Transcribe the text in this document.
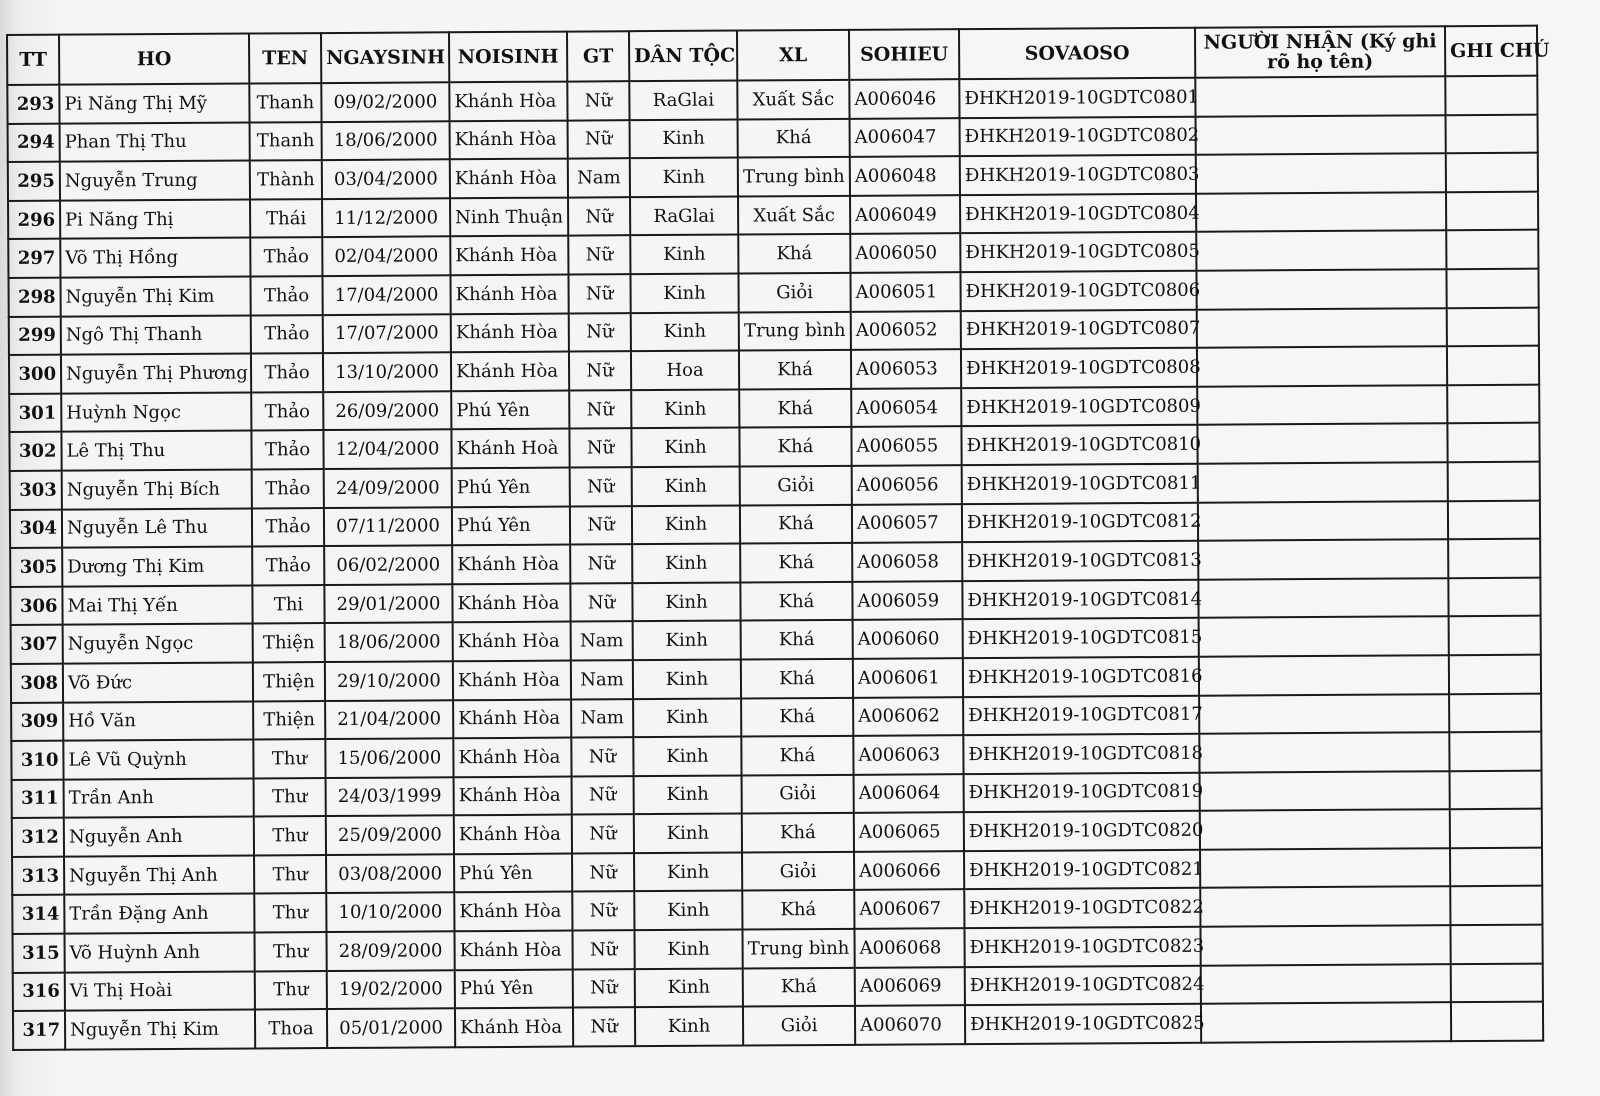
TT	HO	TEN	NGAYSINH	NOISINH	GT	DÂN TỘC	XL	SOHIEU	SOVAOSO	NGƯỜI NHẬN (Ký ghi
rõ họ tên)	GHI CHÚ
293	Pi Năng Thị Mỹ	Thanh	09/02/2000	Khánh Hòa	Nữ	RaGlai	Xuất Sắc	A006046	ĐHKH2019-10GDTC0801		
294	Phan Thị Thu	Thanh	18/06/2000	Khánh Hòa	Nữ	Kinh	Khá	A006047	ĐHKH2019-10GDTC0802		
295	Nguyễn Trung	Thành	03/04/2000	Khánh Hòa	Nam	Kinh	Trung bình	A006048	ĐHKH2019-10GDTC0803		
296	Pi Năng Thị	Thái	11/12/2000	Ninh Thuận	Nữ	RaGlai	Xuất Sắc	A006049	ĐHKH2019-10GDTC0804		
297	Võ Thị Hồng	Thảo	02/04/2000	Khánh Hòa	Nữ	Kinh	Khá	A006050	ĐHKH2019-10GDTC0805		
298	Nguyễn Thị Kim	Thảo	17/04/2000	Khánh Hòa	Nữ	Kinh	Giỏi	A006051	ĐHKH2019-10GDTC0806		
299	Ngô Thị Thanh	Thảo	17/07/2000	Khánh Hòa	Nữ	Kinh	Trung bình	A006052	ĐHKH2019-10GDTC0807		
300	Nguyễn Thị Phương	Thảo	13/10/2000	Khánh Hòa	Nữ	Hoa	Khá	A006053	ĐHKH2019-10GDTC0808		
301	Huỳnh Ngọc	Thảo	26/09/2000	Phú Yên	Nữ	Kinh	Khá	A006054	ĐHKH2019-10GDTC0809		
302	Lê Thị Thu	Thảo	12/04/2000	Khánh Hoà	Nữ	Kinh	Khá	A006055	ĐHKH2019-10GDTC0810		
303	Nguyễn Thị Bích	Thảo	24/09/2000	Phú Yên	Nữ	Kinh	Giỏi	A006056	ĐHKH2019-10GDTC0811		
304	Nguyễn Lê Thu	Thảo	07/11/2000	Phú Yên	Nữ	Kinh	Khá	A006057	ĐHKH2019-10GDTC0812		
305	Dương Thị Kim	Thảo	06/02/2000	Khánh Hòa	Nữ	Kinh	Khá	A006058	ĐHKH2019-10GDTC0813		
306	Mai Thị Yến	Thi	29/01/2000	Khánh Hòa	Nữ	Kinh	Khá	A006059	ĐHKH2019-10GDTC0814		
307	Nguyễn Ngọc	Thiện	18/06/2000	Khánh Hòa	Nam	Kinh	Khá	A006060	ĐHKH2019-10GDTC0815		
308	Võ Đức	Thiện	29/10/2000	Khánh Hòa	Nam	Kinh	Khá	A006061	ĐHKH2019-10GDTC0816		
309	Hồ Văn	Thiện	21/04/2000	Khánh Hòa	Nam	Kinh	Khá	A006062	ĐHKH2019-10GDTC0817		
310	Lê Vũ Quỳnh	Thư	15/06/2000	Khánh Hòa	Nữ	Kinh	Khá	A006063	ĐHKH2019-10GDTC0818		
311	Trần Anh	Thư	24/03/1999	Khánh Hòa	Nữ	Kinh	Giỏi	A006064	ĐHKH2019-10GDTC0819		
312	Nguyễn Anh	Thư	25/09/2000	Khánh Hòa	Nữ	Kinh	Khá	A006065	ĐHKH2019-10GDTC0820		
313	Nguyễn Thị Anh	Thư	03/08/2000	Phú Yên	Nữ	Kinh	Giỏi	A006066	ĐHKH2019-10GDTC0821		
314	Trần Đặng Anh	Thư	10/10/2000	Khánh Hòa	Nữ	Kinh	Khá	A006067	ĐHKH2019-10GDTC0822		
315	Võ Huỳnh Anh	Thư	28/09/2000	Khánh Hòa	Nữ	Kinh	Trung bình	A006068	ĐHKH2019-10GDTC0823		
316	Vi Thị Hoài	Thư	19/02/2000	Phú Yên	Nữ	Kinh	Khá	A006069	ĐHKH2019-10GDTC0824		
317	Nguyễn Thị Kim	Thoa	05/01/2000	Khánh Hòa	Nữ	Kinh	Giỏi	A006070	ĐHKH2019-10GDTC0825		
